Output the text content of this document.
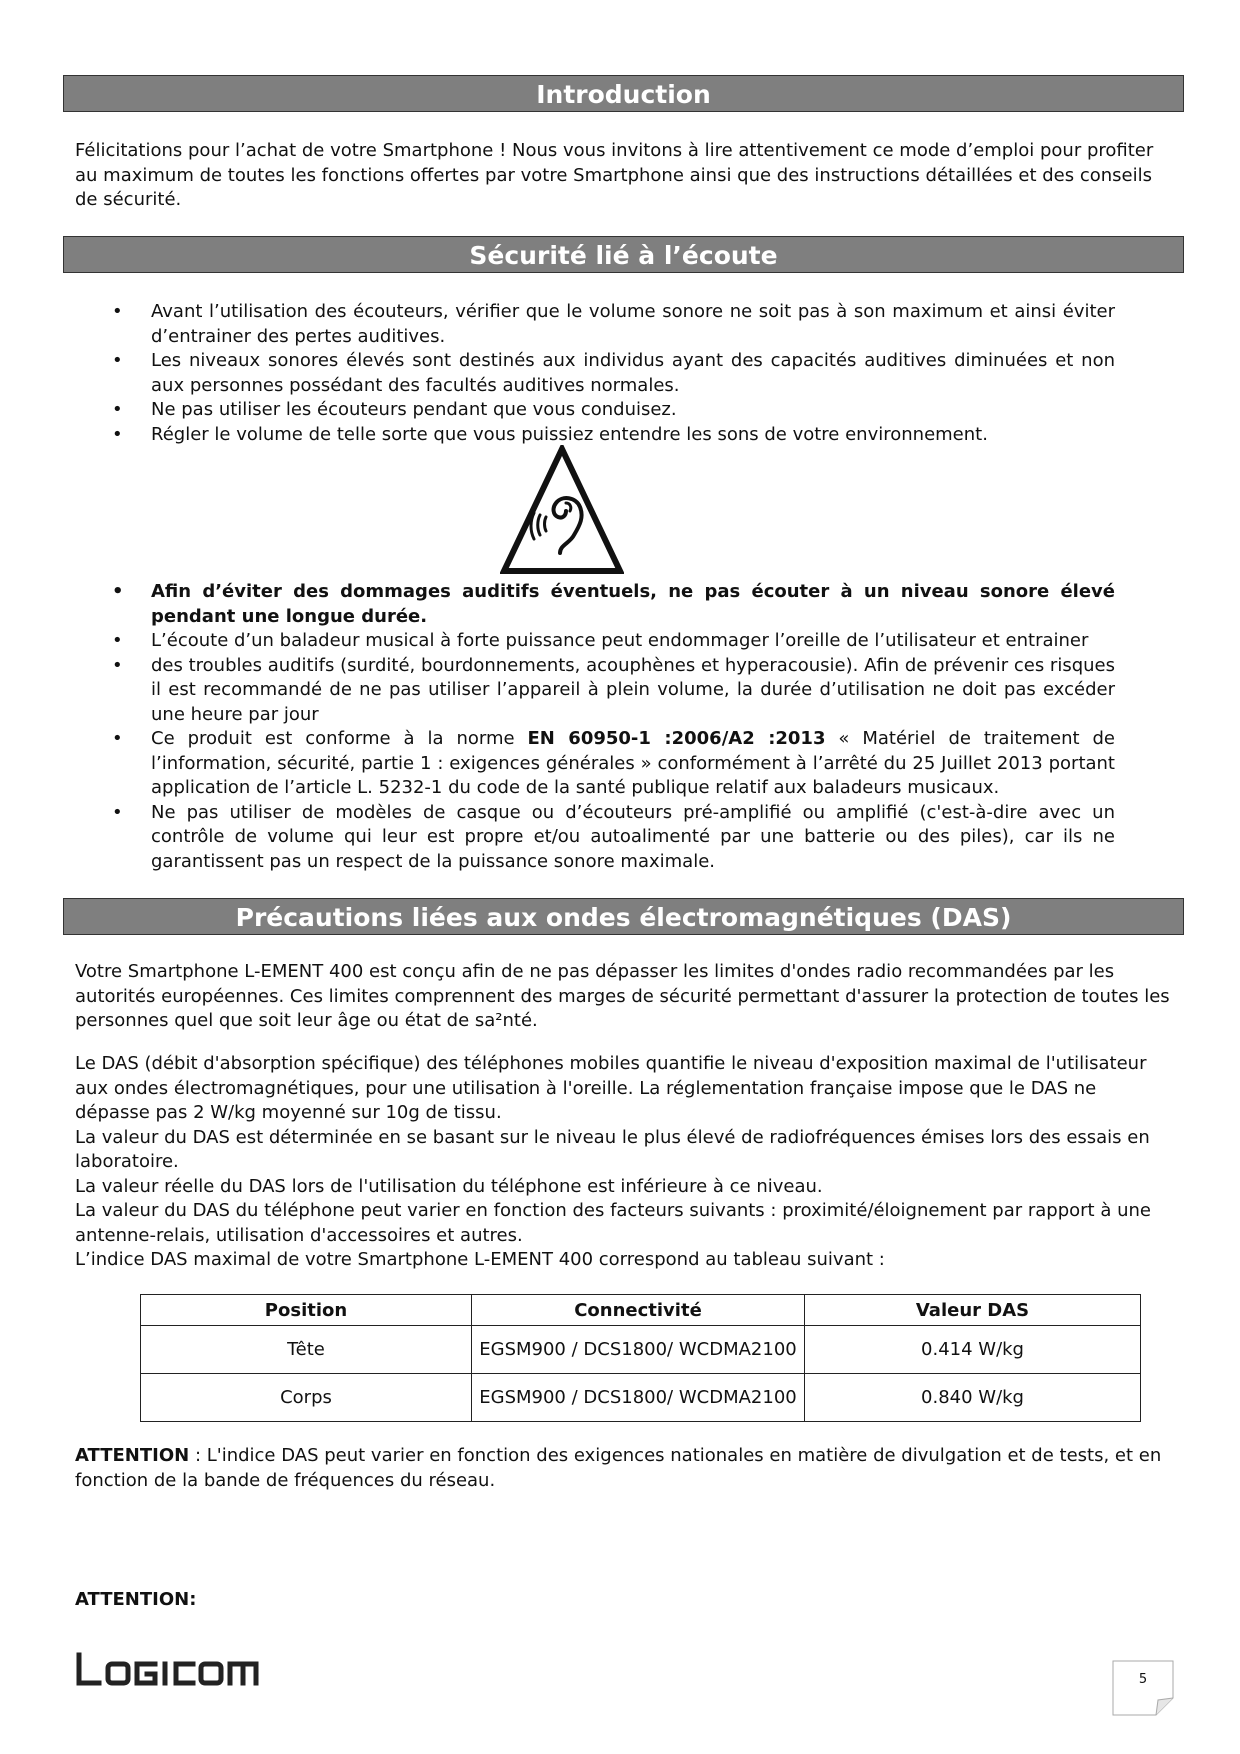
Introduction

Félicitations pour l’achat de votre Smartphone ! Nous vous invitons à lire attentivement ce mode d’emploi pour profiter au maximum de toutes les fonctions offertes par votre Smartphone ainsi que des instructions détaillées et des conseils de sécurité.

Sécurité lié à l’écoute
• Avant l’utilisation des écouteurs, vérifier que le volume sonore ne soit pas à son maximum et ainsi éviter d’entrainer des pertes auditives.
• Les niveaux sonores élevés sont destinés aux individus ayant des capacités auditives diminuées et non aux personnes possédant des facultés auditives normales.
• Ne pas utiliser les écouteurs pendant que vous conduisez.
• Régler le volume de telle sorte que vous puissiez entendre les sons de votre environnement.
• Afin d’éviter des dommages auditifs éventuels, ne pas écouter à un niveau sonore élevé pendant une longue durée.
• L’écoute d’un baladeur musical à forte puissance peut endommager l’oreille de l’utilisateur et entrainer
• des troubles auditifs (surdité, bourdonnements, acouphènes et hyperacousie). Afin de prévenir ces risques il est recommandé de ne pas utiliser l’appareil à plein volume, la durée d’utilisation ne doit pas excéder une heure par jour
• Ce produit est conforme à la norme EN 60950-1 :2006/A2 :2013 « Matériel de traitement de l’information, sécurité, partie 1 : exigences générales » conformément à l’arrêté du 25 Juillet 2013 portant application de l’article L. 5232-1 du code de la santé publique relatif aux baladeurs musicaux.
• Ne pas utiliser de modèles de casque ou d’écouteurs pré-amplifié ou amplifié (c'est-à-dire avec un contrôle de volume qui leur est propre et/ou autoalimenté par une batterie ou des piles), car ils ne garantissent pas un respect de la puissance sonore maximale.
Précautions liées aux ondes électromagnétiques (DAS)

Votre Smartphone L-EMENT 400 est conçu afin de ne pas dépasser les limites d'ondes radio recommandées par les autorités européennes. Ces limites comprennent des marges de sécurité permettant d'assurer la protection de toutes les personnes quel que soit leur âge ou état de sa²nté.

Le DAS (débit d'absorption spécifique) des téléphones mobiles quantifie le niveau d'exposition maximal de l'utilisateur aux ondes électromagnétiques, pour une utilisation à l'oreille. La réglementation française impose que le DAS ne dépasse pas 2 W/kg moyenné sur 10g de tissu.
La valeur du DAS est déterminée en se basant sur le niveau le plus élevé de radiofréquences émises lors des essais en laboratoire.
La valeur réelle du DAS lors de l'utilisation du téléphone est inférieure à ce niveau.
La valeur du DAS du téléphone peut varier en fonction des facteurs suivants : proximité/éloignement par rapport à une antenne-relais, utilisation d'accessoires et autres.
L’indice DAS maximal de votre Smartphone L-EMENT 400 correspond au tableau suivant :
Position	Connectivité	Valeur DAS
Tête	EGSM900 / DCS1800/ WCDMA2100	0.414 W/kg
Corps	EGSM900 / DCS1800/ WCDMA2100	0.840 W/kg

ATTENTION : L'indice DAS peut varier en fonction des exigences nationales en matière de divulgation et de tests, et en fonction de la bande de fréquences du réseau.

ATTENTION:

5
